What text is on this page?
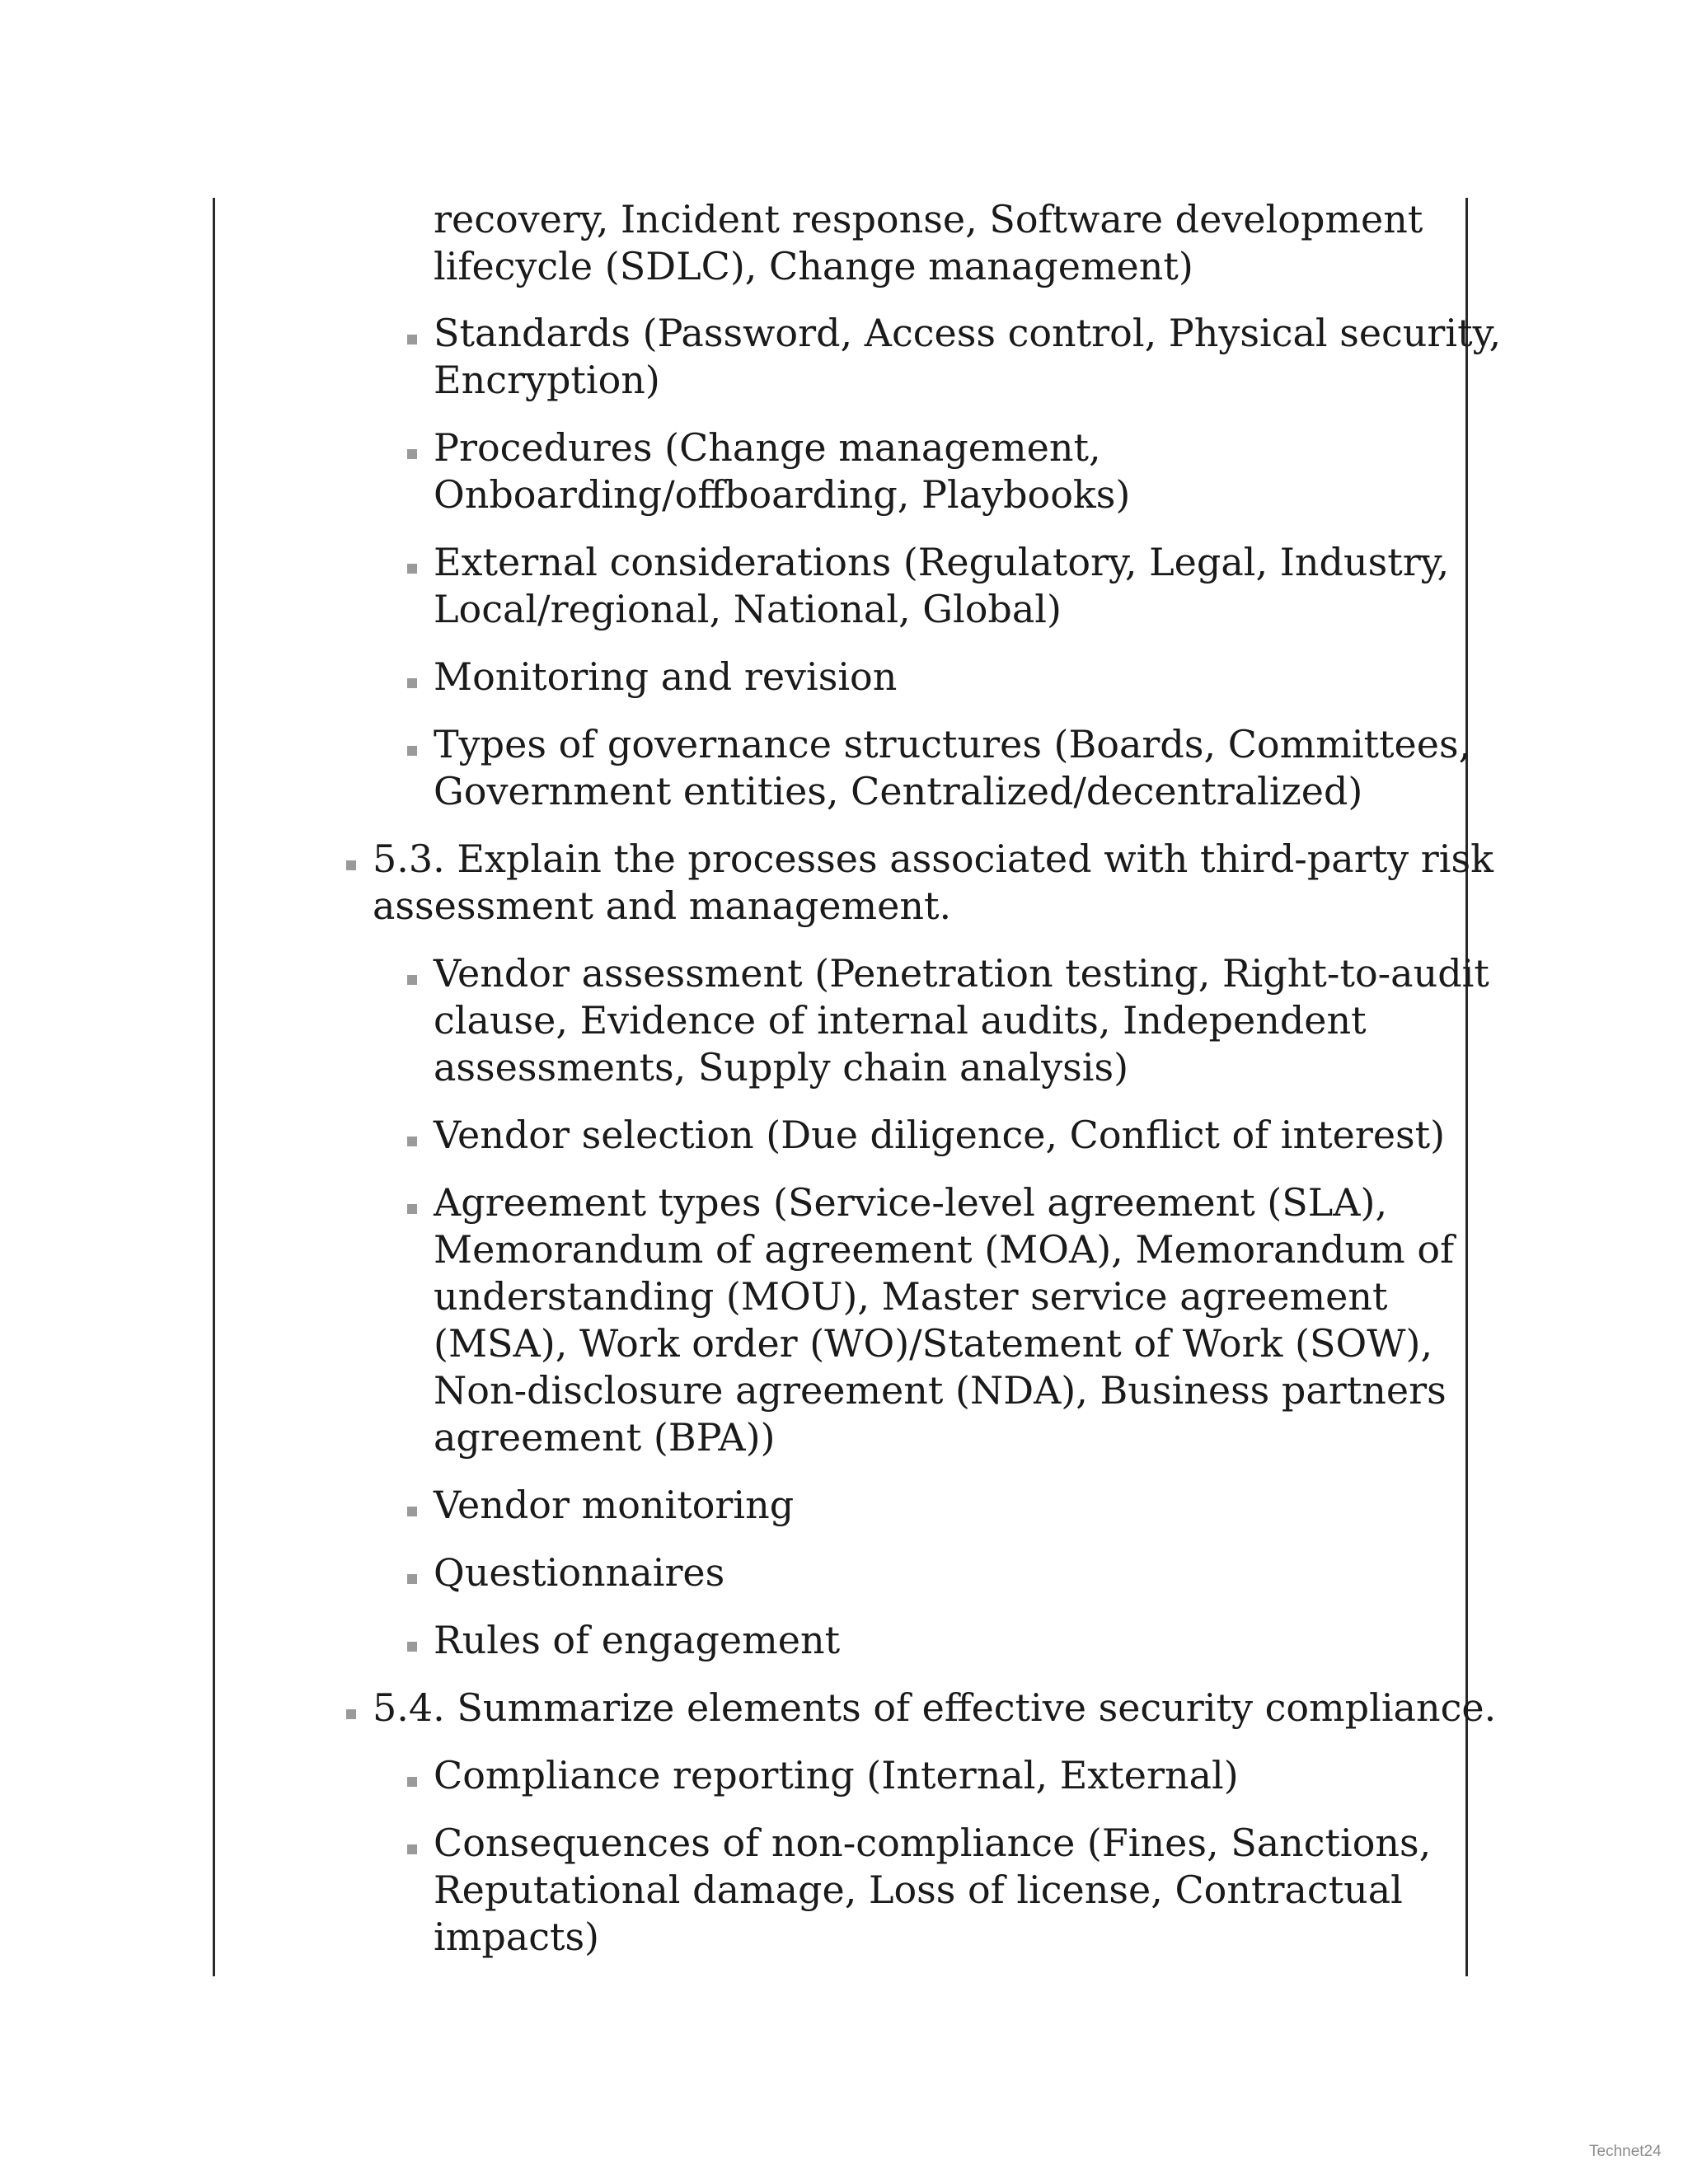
recovery, Incident response, Software development
lifecycle (SDLC), Change management)
Standards (Password, Access control, Physical security,
Encryption)
Procedures (Change management,
Onboarding/offboarding, Playbooks)
External considerations (Regulatory, Legal, Industry,
Local/regional, National, Global)
Monitoring and revision
Types of governance structures (Boards, Committees,
Government entities, Centralized/decentralized)
5.3. Explain the processes associated with third-party risk
assessment and management.
Vendor assessment (Penetration testing, Right-to-audit
clause, Evidence of internal audits, Independent
assessments, Supply chain analysis)
Vendor selection (Due diligence, Conflict of interest)
Agreement types (Service-level agreement (SLA),
Memorandum of agreement (MOA), Memorandum of
understanding (MOU), Master service agreement
(MSA), Work order (WO)/Statement of Work (SOW),
Non-disclosure agreement (NDA), Business partners
agreement (BPA))
Vendor monitoring
Questionnaires
Rules of engagement
5.4. Summarize elements of effective security compliance.
Compliance reporting (Internal, External)
Consequences of non-compliance (Fines, Sanctions,
Reputational damage, Loss of license, Contractual
impacts)
Technet24
